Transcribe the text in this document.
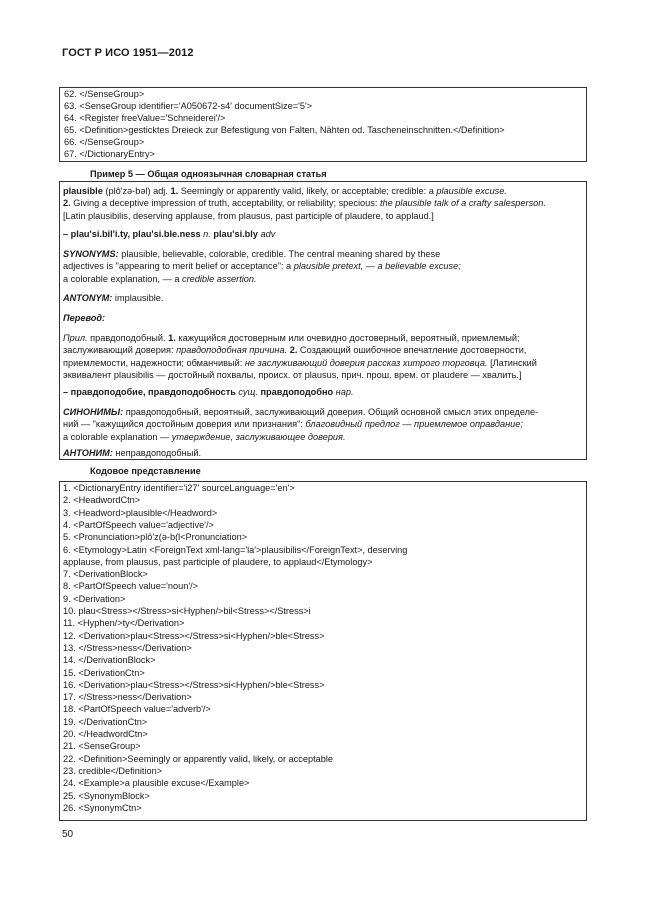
ГОСТ Р ИСО 1951—2012
62. </SenseGroup>
63. <SenseGroup identifier='A050672-s4' documentSize='5'>
64. <Register freeValue='Schneiderei'/>
65. <Definition>gesticktes Dreieck zur Befestigung von Falten, Nähten od. Tascheneinschnitten.</Definition>
66. </SenseGroup>
67. </DictionaryEntry>
Пример 5 — Общая одноязычная словарная статья

plausible (plô'zǝ-bǝl) adj. 1. Seemingly or apparently valid, likely, or acceptable; credible: a plausible excuse.

2. Giving a deceptive impression of truth, acceptability, or reliability; specious: the plausible talk of a crafty salesperson.

[Latin plausibilis, deserving applause, from plausus, past participle of plaudere, to applaud.]

– plau'si.bil'i.ty, plau'si.ble.ness n. plau'si.bly adv

SYNONYMS: plausible, believable, colorable, credible. The central meaning shared by these

adjectives is "appearing to merit belief or acceptance": a plausible pretext, — a believable excuse;

a colorable explanation, — a credible assertion.

ANTONYM: implausible.

Перевод:

Прил. правдоподобный. 1. кажущийся достоверным или очевидно достоверный, вероятный, приемлемый;

заслуживающий доверия: правдоподобная причина. 2. Создающий ошибочное впечатление достоверности,

приемлемости, надежности; обманчивый: не заслуживающий доверия рассказ хитрого торговца. [Латинский

эквивалент plausibilis — достойный похвалы, происх. от plausus, прич. прош. врем. от plaudere — хвалить.]

– правдоподобие, правдоподобность сущ. правдоподобно нар.

СИНОНИМЫ: правдоподобный, вероятный, заслуживающий доверия. Общий основной смысл этих определе-

ний — "кажущийся достойным доверия или признания": благовидный предлог — приемлемое оправдание;

a colorable explanation — утверждение, заслуживающее доверия.

АНТОНИМ: неправдоподобный.

Кодовое представление
1. <DictionaryEntry identifier='i27' sourceLanguage='en'>
2. <HeadwordCtn>
3. <Headword>plausible</Headword>
4. <PartOfSpeech value='adjective'/>
5. <Pronunciation>plô'z(ǝ-b(l<Pronunciation>
6. <Etymology>Latin <ForeignText xml-lang='la'>plausibilis</ForeignText>, deserving
applause, from plausus, past participle of plaudere, to applaud</Etymology>
7. <DerivationBlock>
8. <PartOfSpeech value='noun'/>
9. <Derivation>
10. plau<Stress></Stress>si<Hyphen/>bil<Stress></Stress>i
11. <Hyphen/>ty</Derivation>
12. <Derivation>plau<Stress></Stress>si<Hyphen/>ble<Stress>
13. </Stress>ness</Derivation>
14. </DerivationBlock>
15. <DerivationCtn>
16. <Derivation>plau<Stress></Stress>si<Hyphen/>ble<Stress>
17. </Stress>ness</Derivation>
18. <PartOfSpeech value='adverb'/>
19. </DerivationCtn>
20. </HeadwordCtn>
21. <SenseGroup>
22. <Definition>Seemingly or apparently valid, likely, or acceptable
23. credible</Definition>
24. <Example>a plausible excuse</Example>
25. <SynonymBlock>
26. <SynonymCtn>
50
